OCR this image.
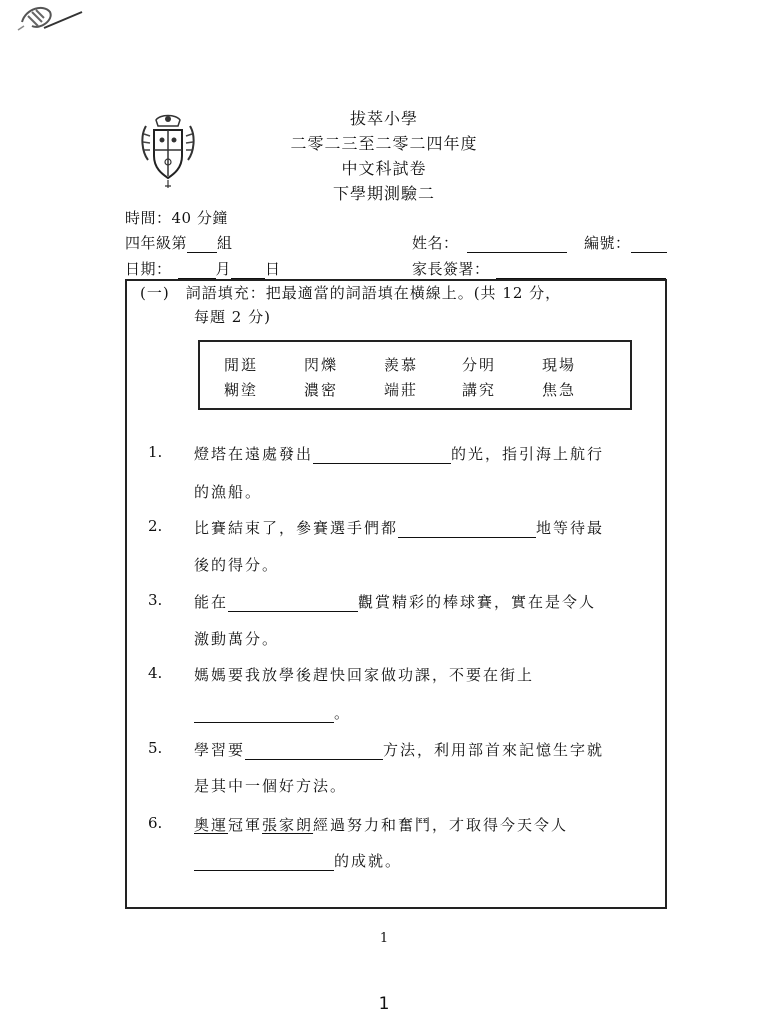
拔萃小學
二零二三至二零二四年度
中文科試卷
下學期測驗二
時間：40 分鐘
四年級第 組	姓名：	編號：
日期：	月 日	家長簽署：
(一)　詞語填充：把最適當的詞語填在橫線上。(共 12 分，
每題 2 分)
閒逛	閃爍	羨慕	分明	現場
糊塗	濃密	端莊	講究	焦急
1. 燈塔在遠處發出	的光，指引海上航行
的漁船。
2. 比賽結束了，參賽選手們都	地等待最
後的得分。
3. 能在	觀賞精彩的棒球賽，實在是令人
激動萬分。
4. 媽媽要我放學後趕快回家做功課，不要在街上
。
5. 學習要	方法，利用部首來記憶生字就
是其中一個好方法。
6. 奧運冠軍張家朗經過努力和奮鬥，才取得今天令人
的成就。
1
1
